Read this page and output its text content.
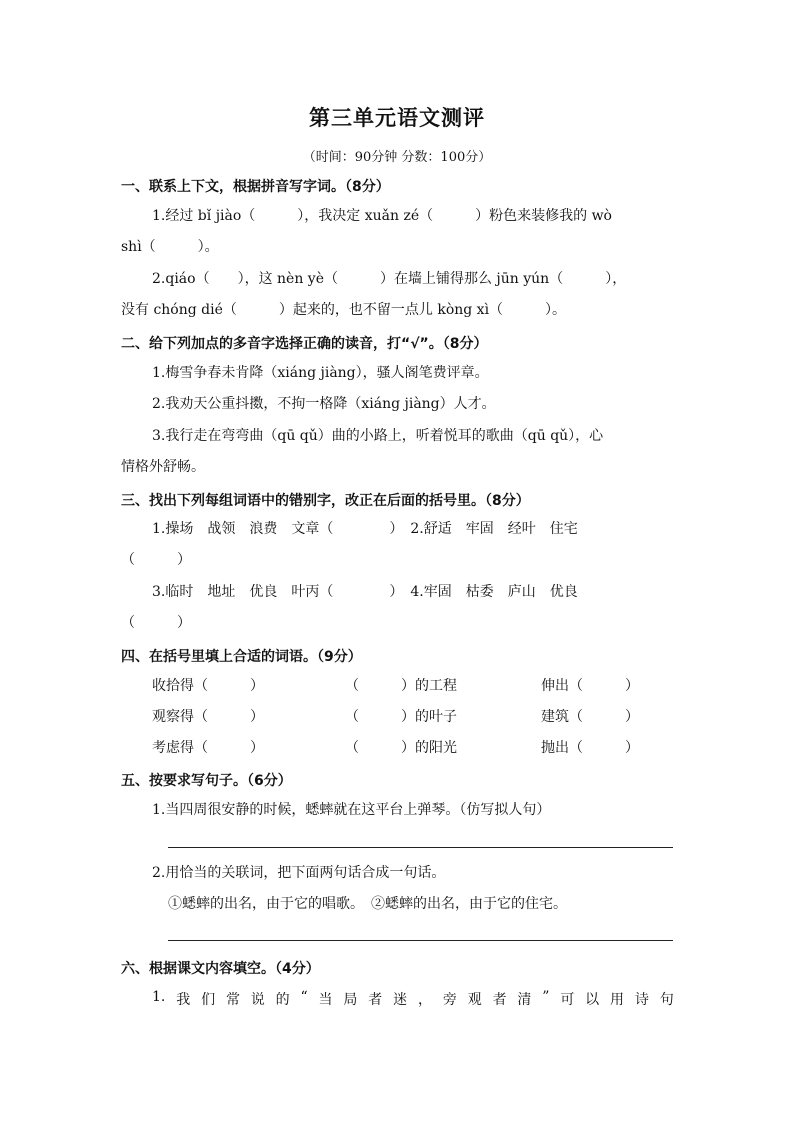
第三单元语文测评
（时间：90分钟 分数：100分）
一、联系上下文，根据拼音写字词。（8分）
1.经过 bǐ jiào（　　　），我决定 xuǎn zé（　　　）粉色来装修我的 wò
shì（　　　）。
2.qiáo（　　），这 nèn yè（　　　）在墙上铺得那么 jūn yún（　　　），
没有 chóng dié（　　　）起来的，也不留一点儿 kòng xì（　　　）。
二、给下列加点的多音字选择正确的读音，打“√”。（8分）
1.梅雪争春未肯降（xiáng jiàng），骚人阁笔费评章。
2.我劝天公重抖擞，不拘一格降（xiáng jiàng）人才。
3.我行走在弯弯曲（qū qǔ）曲的小路上，听着悦耳的歌曲（qū qǔ），心
情格外舒畅。
三、找出下列每组词语中的错别字，改正在后面的括号里。（8分）
1.操场　战领　浪费　文章（　　　　）　2.舒适　牢固　经叶　住宅
（　　　）
3.临时　地址　优良　叶丙（　　　　）　4.牢固　枯委　庐山　优良
（　　　）
四、在括号里填上合适的词语。（9分）
收拾得（　　　）	（　　　）的工程	伸出（　　　）
观察得（　　　）	（　　　）的叶子	建筑（　　　）
考虑得（　　　）	（　　　）的阳光	抛出（　　　）
五、按要求写句子。（6分）
1.当四周很安静的时候，蟋蟀就在这平台上弹琴。（仿写拟人句）
2.用恰当的关联词，把下面两句话合成一句话。
①蟋蟀的出名，由于它的唱歌。　②蟋蟀的出名，由于它的住宅。
六、根据课文内容填空。（4分）
1. 我 们 常 说 的 “ 当 局 者 迷 ， 旁 观 者 清 ” 可 以 用 诗 句
